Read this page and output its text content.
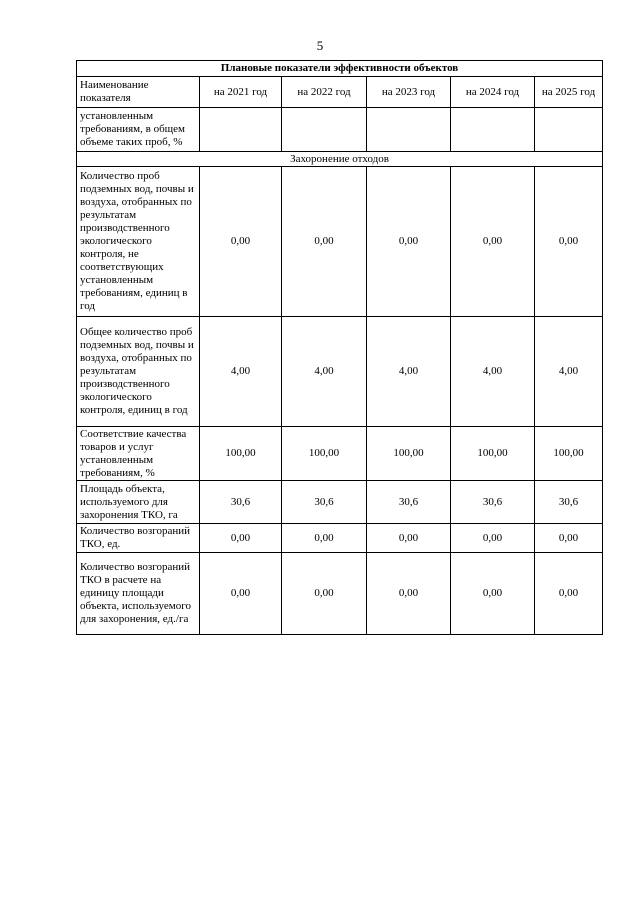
5
Плановые показатели эффективности объектов					
Наименование показателя	на 2021 год	на 2022 год	на 2023 год	на 2024 год	на 2025 год
установленным требованиям, в общем объеме таких проб, %					
Захоронение отходов					
Количество проб подземных вод, почвы и воздуха, отобранных по результатам производственного экологического контроля, не соответствующих установленным требованиям, единиц в год	0,00	0,00	0,00	0,00	0,00
Общее количество проб подземных вод, почвы и воздуха, отобранных по результатам производственного экологического контроля, единиц в год	4,00	4,00	4,00	4,00	4,00
Соответствие качества товаров и услуг установленным требованиям, %	100,00	100,00	100,00	100,00	100,00
Площадь объекта, используемого для захоронения ТКО, га	30,6	30,6	30,6	30,6	30,6
Количество возгораний ТКО, ед.	0,00	0,00	0,00	0,00	0,00
Количество возгораний ТКО в расчете на единицу площади объекта, используемого для захоронения, ед./га	0,00	0,00	0,00	0,00	0,00
